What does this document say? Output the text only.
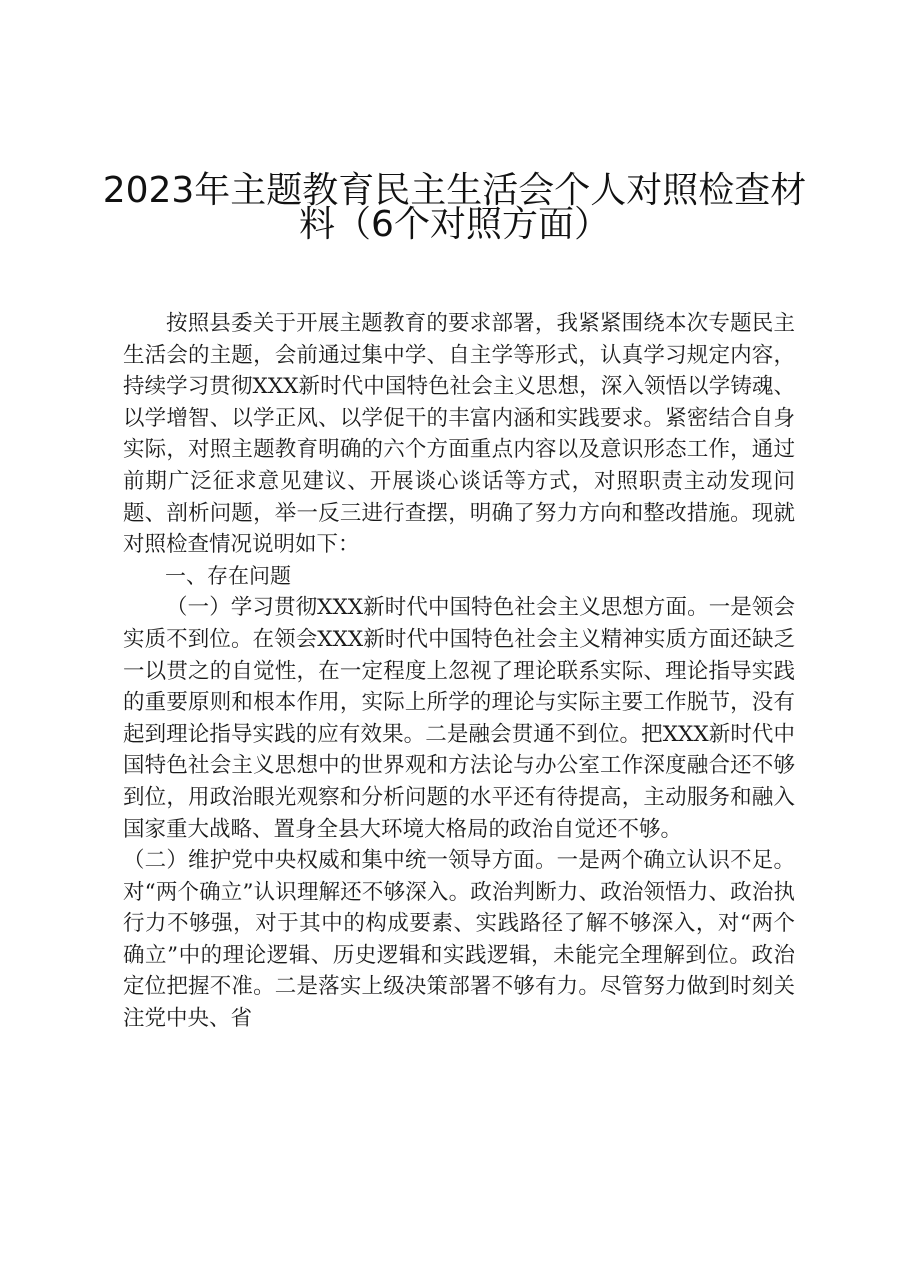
2023年主题教育民主生活会个人对照检查材
料（6个对照方面）

按照县委关于开展主题教育的要求部署，我紧紧围绕本次专题民主生活会的主题，会前通过集中学、自主学等形式，认真学习规定内容，持续学习贯彻XXX新时代中国特色社会主义思想，深入领悟以学铸魂、以学增智、以学正风、以学促干的丰富内涵和实践要求。紧密结合自身实际，对照主题教育明确的六个方面重点内容以及意识形态工作，通过前期广泛征求意见建议、开展谈心谈话等方式，对照职责主动发现问题、剖析问题，举一反三进行查摆，明确了努力方向和整改措施。现就对照检查情况说明如下：

一、存在问题

（一）学习贯彻XXX新时代中国特色社会主义思想方面。一是领会实质不到位。在领会XXX新时代中国特色社会主义精神实质方面还缺乏一以贯之的自觉性，在一定程度上忽视了理论联系实际、理论指导实践的重要原则和根本作用，实际上所学的理论与实际主要工作脱节，没有起到理论指导实践的应有效果。二是融会贯通不到位。把XXX新时代中国特色社会主义思想中的世界观和方法论与办公室工作深度融合还不够到位，用政治眼光观察和分析问题的水平还有待提高，主动服务和融入国家重大战略、置身全县大环境大格局的政治自觉还不够。

（二）维护党中央权威和集中统一领导方面。一是两个确立认识不足。对“两个确立”认识理解还不够深入。政治判断力、政治领悟力、政治执行力不够强，对于其中的构成要素、实践路径了解不够深入，对“两个确立”中的理论逻辑、历史逻辑和实践逻辑，未能完全理解到位。政治定位把握不准。二是落实上级决策部署不够有力。尽管努力做到时刻关注党中央、省
